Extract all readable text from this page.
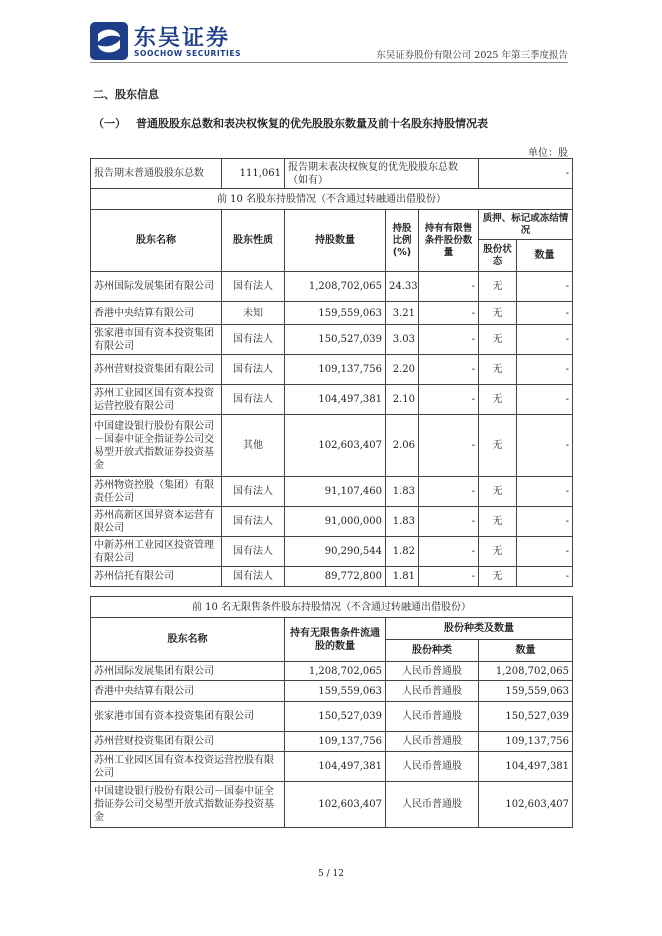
东吴证券
SOOCHOW SECURITIES	东吴证券股份有限公司 2025 年第三季度报告
二、股东信息
（一） 普通股股东总数和表决权恢复的优先股股东数量及前十名股东持股情况表
单位：股
报告期末普通股股东总数	111,061	报告期末表决权恢复的优先股股东总数（如有）			-	
前 10 名股东持股情况（不含通过转融通出借股份）						
股东名称	股东性质	持股数量	持股比例(%)	持有有限售条件股份数量	质押、标记或冻结情况	
					股份状态	数量
苏州国际发展集团有限公司	国有法人	1,208,702,065	24.33	-	无	-
香港中央结算有限公司	未知	159,559,063	3.21	-	无	-
张家港市国有资本投资集团有限公司	国有法人	150,527,039	3.03	-	无	-
苏州营财投资集团有限公司	国有法人	109,137,756	2.20	-	无	-
苏州工业园区国有资本投资运营控股有限公司	国有法人	104,497,381	2.10	-	无	-
中国建设银行股份有限公司－国泰中证全指证券公司交易型开放式指数证券投资基金	其他	102,603,407	2.06	-	无	-
苏州物资控股（集团）有限责任公司	国有法人	91,107,460	1.83	-	无	-
苏州高新区国昇资本运营有限公司	国有法人	91,000,000	1.83	-	无	-
中新苏州工业园区投资管理有限公司	国有法人	90,290,544	1.82	-	无	-
苏州信托有限公司	国有法人	89,772,800	1.81	-	无	-
前 10 名无限售条件股东持股情况（不含通过转融通出借股份）			
股东名称	持有无限售条件流通股的数量	股份种类及数量	
		股份种类	数量
苏州国际发展集团有限公司	1,208,702,065	人民币普通股	1,208,702,065
香港中央结算有限公司	159,559,063	人民币普通股	159,559,063
张家港市国有资本投资集团有限公司	150,527,039	人民币普通股	150,527,039
苏州营财投资集团有限公司	109,137,756	人民币普通股	109,137,756
苏州工业园区国有资本投资运营控股有限公司	104,497,381	人民币普通股	104,497,381
中国建设银行股份有限公司－国泰中证全指证券公司交易型开放式指数证券投资基金	102,603,407	人民币普通股	102,603,407
5 / 12
